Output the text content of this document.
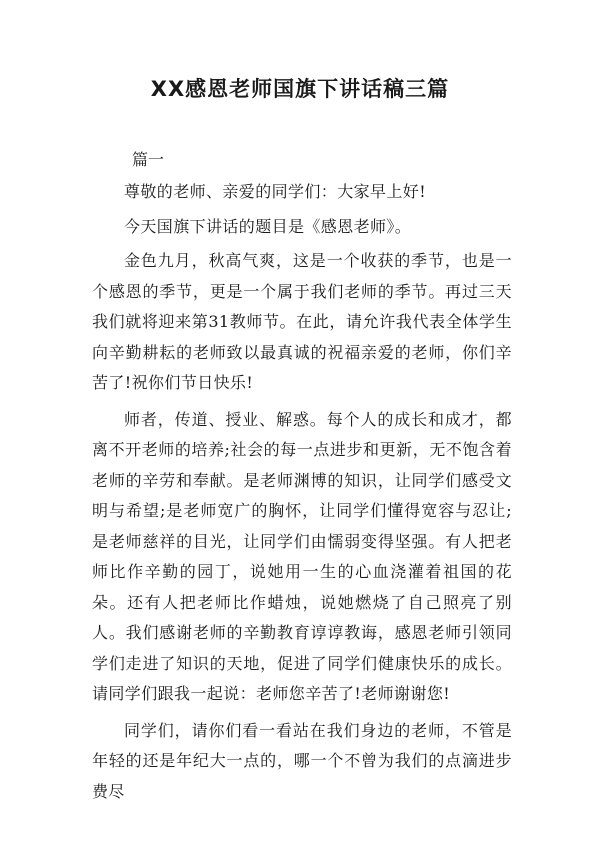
XX感恩老师国旗下讲话稿三篇

篇一

尊敬的老师、亲爱的同学们：大家早上好!

今天国旗下讲话的题目是《感恩老师》。

金色九月，秋高气爽，这是一个收获的季节，也是一个感恩的季节，更是一个属于我们老师的季节。再过三天我们就将迎来第31教师节。在此，请允许我代表全体学生向辛勤耕耘的老师致以最真诚的祝福亲爱的老师，你们辛苦了!祝你们节日快乐!

师者，传道、授业、解惑。每个人的成长和成才，都离不开老师的培养;社会的每一点进步和更新，无不饱含着老师的辛劳和奉献。是老师渊博的知识，让同学们感受文明与希望;是老师宽广的胸怀，让同学们懂得宽容与忍让;是老师慈祥的目光，让同学们由懦弱变得坚强。有人把老师比作辛勤的园丁，说她用一生的心血浇灌着祖国的花朵。还有人把老师比作蜡烛，说她燃烧了自己照亮了别人。我们感谢老师的辛勤教育谆谆教诲，感恩老师引领同学们走进了知识的天地，促进了同学们健康快乐的成长。请同学们跟我一起说：老师您辛苦了!老师谢谢您!

同学们，请你们看一看站在我们身边的老师，不管是年轻的还是年纪大一点的，哪一个不曾为我们的点滴进步费尽
